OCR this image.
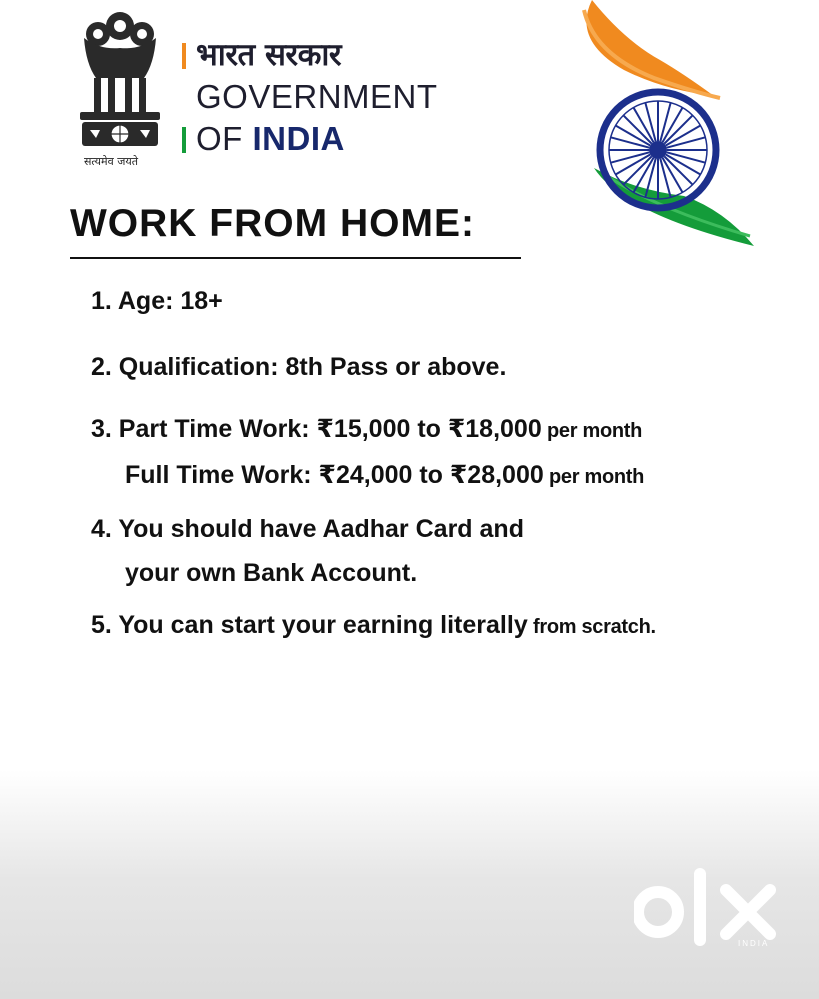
सत्यमेव जयते
भारत सरकार
GOVERNMENT
OF INDIA
WORK FROM HOME:
1. Age: 18+
2. Qualification: 8th Pass or above.
3. Part Time Work: ₹15,000 to ₹18,000 per month
Full Time Work: ₹24,000 to ₹28,000 per month
4. You should have Aadhar Card and
your own Bank Account.
5. You can start your earning literally from scratch.
INDIA
